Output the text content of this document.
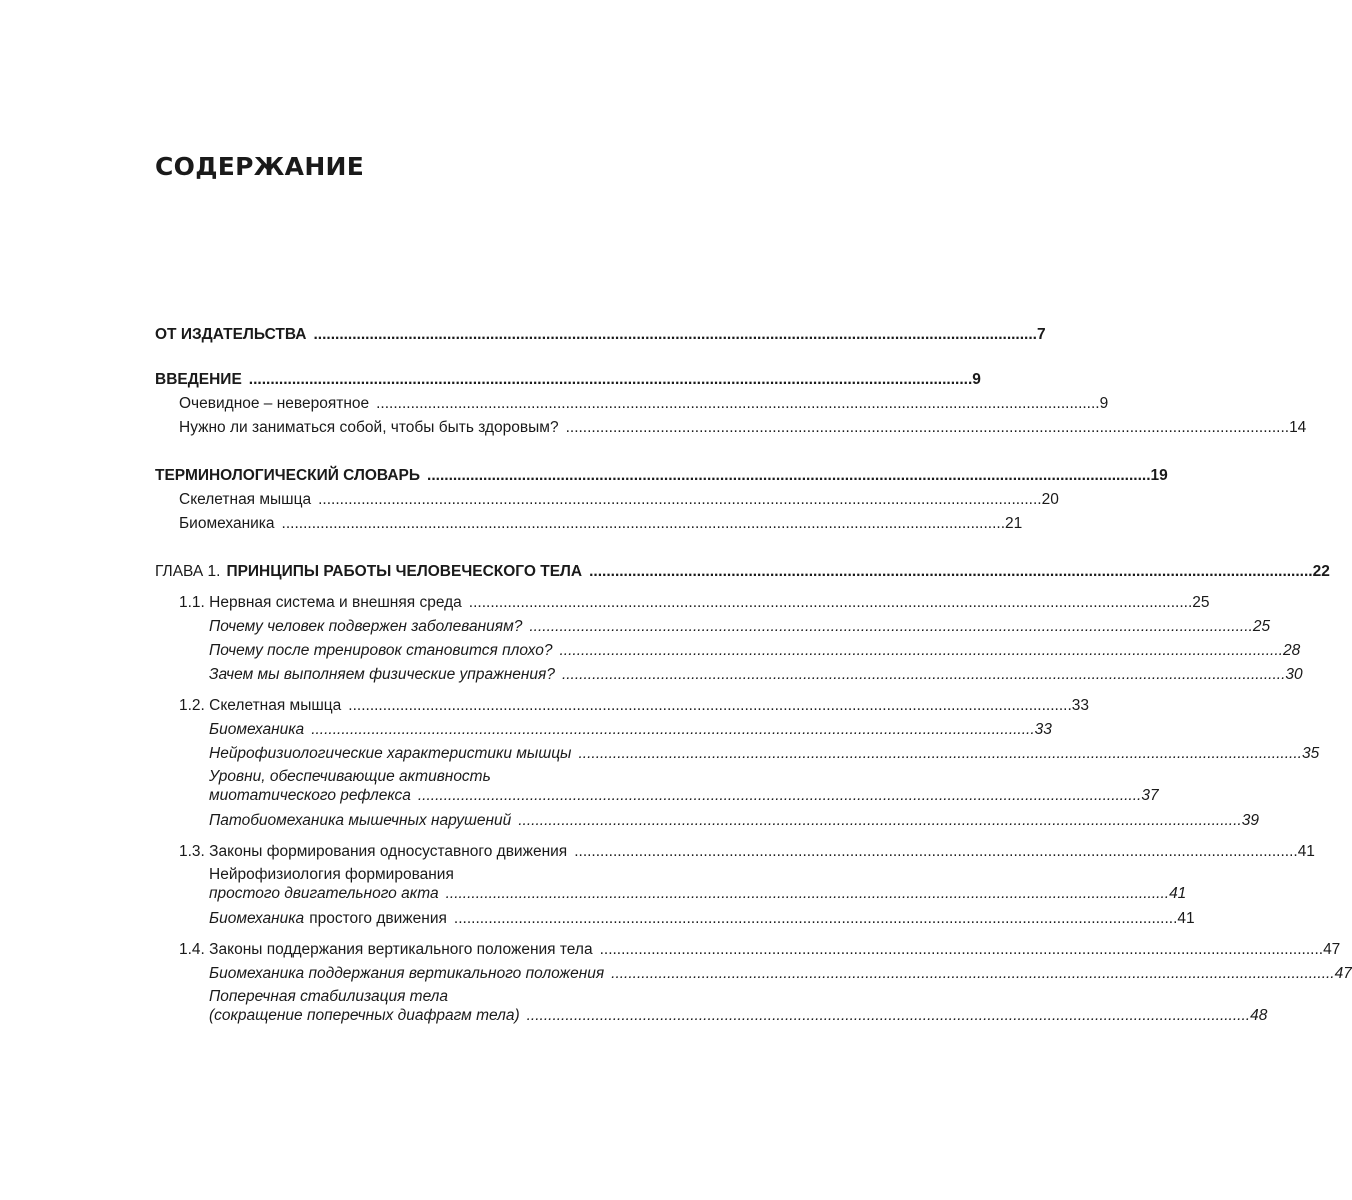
СОДЕРЖАНИЕ
ОТ ИЗДАТЕЛЬСТВА ........................................................................................................................................................................ 7
ВВЕДЕНИЕ ........................................................................................................................................................................ 9
Очевидное – невероятное ........................................................................................................................................................................ 9
Нужно ли заниматься собой, чтобы быть здоровым? ........................................................................................................................................................................ 14
ТЕРМИНОЛОГИЧЕСКИЙ СЛОВАРЬ ........................................................................................................................................................................ 19
Скелетная мышца ........................................................................................................................................................................ 20
Биомеханика ........................................................................................................................................................................ 21
ГЛАВА 1. ПРИНЦИПЫ РАБОТЫ ЧЕЛОВЕЧЕСКОГО ТЕЛА ........................................................................................................................................................................ 22
1.1. Нервная система и внешняя среда ........................................................................................................................................................................ 25
Почему человек подвержен заболеваниям? ........................................................................................................................................................................ 25
Почему после тренировок становится плохо? ........................................................................................................................................................................ 28
Зачем мы выполняем физические упражнения? ........................................................................................................................................................................ 30
1.2. Скелетная мышца ........................................................................................................................................................................ 33
Биомеханика ........................................................................................................................................................................ 33
Нейрофизиологические характеристики мышцы ........................................................................................................................................................................ 35
Уровни, обеспечивающие активность
миотатического рефлекса ........................................................................................................................................................................ 37
Патобиомеханика мышечных нарушений ........................................................................................................................................................................ 39
1.3. Законы формирования односуставного движения ........................................................................................................................................................................ 41
Нейрофизиология формирования
простого двигательного акта ........................................................................................................................................................................ 41
Биомеханика простого движения ........................................................................................................................................................................ 41
1.4. Законы поддержания вертикального положения тела ........................................................................................................................................................................ 47
Биомеханика поддержания вертикального положения ........................................................................................................................................................................ 47
Поперечная стабилизация тела
(сокращение поперечных диафрагм тела) ........................................................................................................................................................................ 48
